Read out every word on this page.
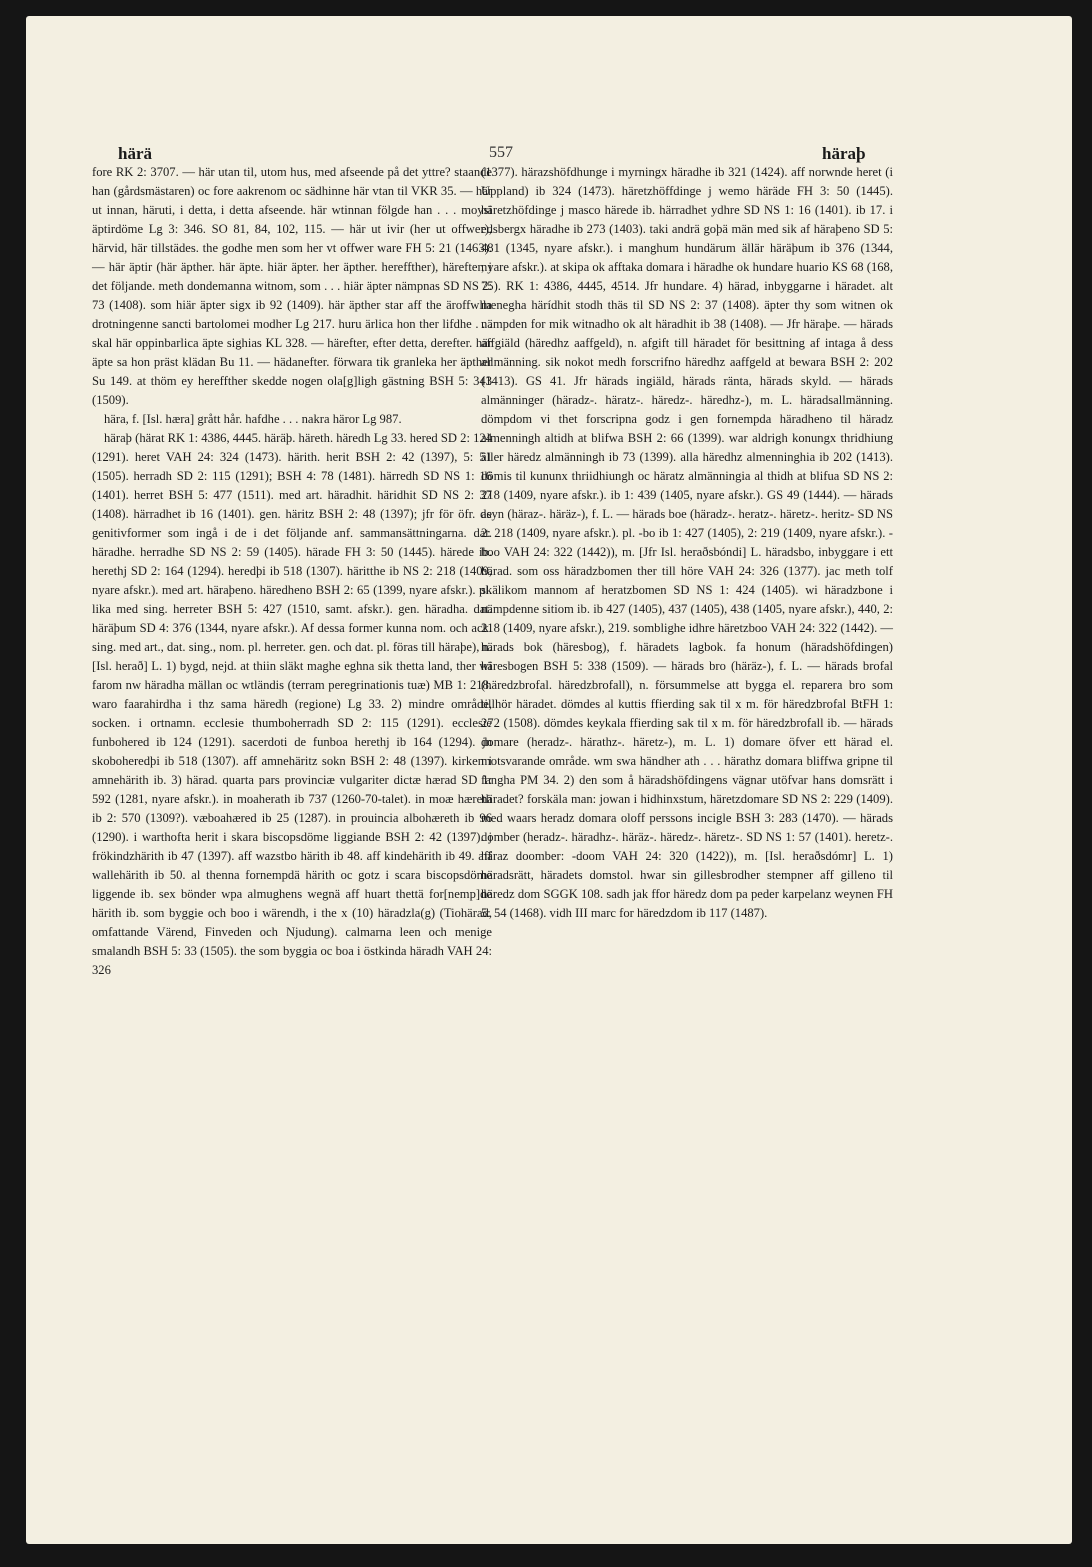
härä	557	häraþ

fore RK 2: 3707. — här utan til, utom hus, med afseende på det yttre? staande han (gårdsmästaren) oc fore aakrenom oc sädhinne här vtan til VKR 35. — här ut innan, häruti, i detta, i detta afseende. här wtinnan fölgde han . . . moysi äptirdöme Lg 3: 346. SO 81, 84, 102, 115. — här ut ivir (her ut offwer), härvid, här tillstädes. the godhe men som her vt offwer ware FH 5: 21 (1463). — här äptir (här äpther. här äpte. hiär äpter. her äpther. hereffther), härefter, i det följande. meth dondemanna witnom, som . . . hiär äpter nämpnas SD NS 2: 73 (1408). som hiär äpter sigx ib 92 (1409). här äpther star aff the äroffwlla drotningenne sancti bartolomei modher Lg 217. huru ärlica hon ther lifdhe . . . skal här oppinbarlica äpte sighias KL 328. — härefter, efter detta, derefter. här äpte sa hon präst klädan Bu 11. — hädanefter. förwara tik granleka her äpther Su 149. at thöm ey hereffther skedde nogen ola[g]ligh gästning BSH 5: 343 (1509).

hära, f. [Isl. hæra] grått hår. hafdhe . . . nakra häror Lg 987.

häraþ (härat RK 1: 4386, 4445. häräþ. häreth. häredh Lg 33. hered SD 2: 124 (1291). heret VAH 24: 324 (1473). härith. herit BSH 2: 42 (1397), 5: 51 (1505). herradh SD 2: 115 (1291); BSH 4: 78 (1481). härredh SD NS 1: 16 (1401). herret BSH 5: 477 (1511). med art. häradhit. häridhit SD NS 2: 37 (1408). härradhet ib 16 (1401). gen. häritz BSH 2: 48 (1397); jfr för öfr. de genitivformer som ingå i de i det följande anf. sammansättningarna. dat. häradhe. herradhe SD NS 2: 59 (1405). härade FH 3: 50 (1445). härede ib. herethj SD 2: 164 (1294). heredþi ib 518 (1307). häritthe ib NS 2: 218 (1409, nyare afskr.). med art. häraþeno. häredheno BSH 2: 65 (1399, nyare afskr.). pl. lika med sing. herreter BSH 5: 427 (1510, samt. afskr.). gen. häradha. dat. häräþum SD 4: 376 (1344, nyare afskr.). Af dessa former kunna nom. och ack. sing. med art., dat. sing., nom. pl. herreter. gen. och dat. pl. föras till häraþe), n. [Isl. herað] L. 1) bygd, nejd. at thiin släkt maghe eghna sik thetta land, ther wi farom nw häradha mällan oc wtländis (terram peregrinationis tuæ) MB 1: 218. waro faarahirdha i thz sama häredh (regione) Lg 33. 2) mindre område, socken. i ortnamn. ecclesie thumboherradh SD 2: 115 (1291). ecclesie funbohered ib 124 (1291). sacerdoti de funboa herethj ib 164 (1294). jn skoboheredþi ib 518 (1307). aff amnehäritz sokn BSH 2: 48 (1397). kirken i amnehärith ib. 3) härad. quarta pars provinciæ vulgariter dictæ hærad SD 1: 592 (1281, nyare afskr.). in moaherath ib 737 (1260-70-talet). in moæ hæreth ib 2: 570 (1309?). væboahæred ib 25 (1287). in prouincia albohæreth ib 96 (1290). i warthofta herit i skara biscopsdöme liggiande BSH 2: 42 (1397). j frökindzhärith ib 47 (1397). aff wazstbo härith ib 48. aff kindehärith ib 49. aff wallehärith ib 50. al thenna fornempdä härith oc gotz i scara biscopsdöme liggende ib. sex bönder wpa almughens wegnä aff huart thettä for[nemp]de härith ib. som byggie och boo i wärendh, i the x (10) häradzla(g) (Tiohärad, omfattande Värend, Finveden och Njudung). calmarna leen och menige smalandh BSH 5: 33 (1505). the som byggia oc boa i östkinda häradh VAH 24: 326

(1377). härazshöfdhunge i myrningx häradhe ib 321 (1424). aff norwnde heret (i Uppland) ib 324 (1473). häretzhöffdinge j wemo häräde FH 3: 50 (1445). häretzhöfdinge j masco härede ib. härradhet ydhre SD NS 1: 16 (1401). ib 17. i edsbergx häradhe ib 273 (1403). taki andrä goþä män med sik af häraþeno SD 5: 481 (1345, nyare afskr.). i manghum hundärum ällär häräþum ib 376 (1344, nyare afskr.). at skipa ok afftaka domara i häradhe ok hundare huario KS 68 (168, 75). RK 1: 4386, 4445, 4514. Jfr hundare. 4) härad, inbyggarne i häradet. alt menegha härídhit stodh thäs til SD NS 2: 37 (1408). äpter thy som witnen ok nämpden for mik witnadho ok alt häradhit ib 38 (1408). — Jfr häraþe. — härads affgiäld (häredhz aaffgeld), n. afgift till häradet för besittning af intaga å dess allmänning. sik nokot medh forscrifno häredhz aaffgeld at bewara BSH 2: 202 (1413). GS 41. Jfr härads ingiäld, härads ränta, härads skyld. — härads almänninger (häradz-. häratz-. häredz-. häredhz-), m. L. häradsallmänning. dömpdom vi thet forscripna godz i gen fornempda häradheno til häradz almenningh altidh at blifwa BSH 2: 66 (1399). war aldrigh konungx thridhiung äller häredz almänningh ib 73 (1399). alla häredhz almenninghia ib 202 (1413). dömis til kununx thriidhiungh oc häratz almänningia al thidh at blifua SD NS 2: 218 (1409, nyare afskr.). ib 1: 439 (1405, nyare afskr.). GS 49 (1444). — härads asyn (häraz-. häräz-), f. L. — härads boe (häradz-. heratz-. häretz-. heritz- SD NS 2: 218 (1409, nyare afskr.). pl. -bo ib 1: 427 (1405), 2: 219 (1409, nyare afskr.). -boo VAH 24: 322 (1442)), m. [Jfr Isl. heraðsbóndi] L. häradsbo, inbyggare i ett härad. som oss häradzbomen ther till höre VAH 24: 326 (1377). jac meth tolf skälikom mannom af heratzbomen SD NS 1: 424 (1405). wi häradzbone i nämpdenne sitiom ib. ib 427 (1405), 437 (1405), 438 (1405, nyare afskr.), 440, 2: 218 (1409, nyare afskr.), 219. somblighe idhre häretzboo VAH 24: 322 (1442). — härads bok (häresbog), f. häradets lagbok. fa honum (häradshöfdingen) häresbogen BSH 5: 338 (1509). — härads bro (häräz-), f. L. — härads brofal (häredzbrofal. häredzbrofall), n. försummelse att bygga el. reparera bro som tillhör häradet. dömdes al kuttis ffierding sak til x m. för häredzbrofal BtFH 1: 272 (1508). dömdes keykala ffierding sak til x m. för häredzbrofall ib. — härads domare (heradz-. härathz-. häretz-), m. L. 1) domare öfver ett härad el. motsvarande område. wm swa händher ath . . . härathz domara bliffwa gripne til fangha PM 34. 2) den som å häradshöfdingens vägnar utöfvar hans domsrätt i häradet? forskäla man: jowan i hidhinxstum, häretzdomare SD NS 2: 229 (1409). med waars heradz domara oloff perssons incigle BSH 3: 283 (1470). — härads domber (heradz-. häradhz-. häräz-. häredz-. häretz-. SD NS 1: 57 (1401). heretz-. häraz doomber: -doom VAH 24: 320 (1422)), m. [Isl. heraðsdómr] L. 1) häradsrätt, häradets domstol. hwar sin gillesbrodher stempner aff gilleno til häredz dom SGGK 108. sadh jak ffor häredz dom pa peder karpelanz weynen FH 5: 54 (1468). vidh III marc for häredzdom ib 117 (1487).
